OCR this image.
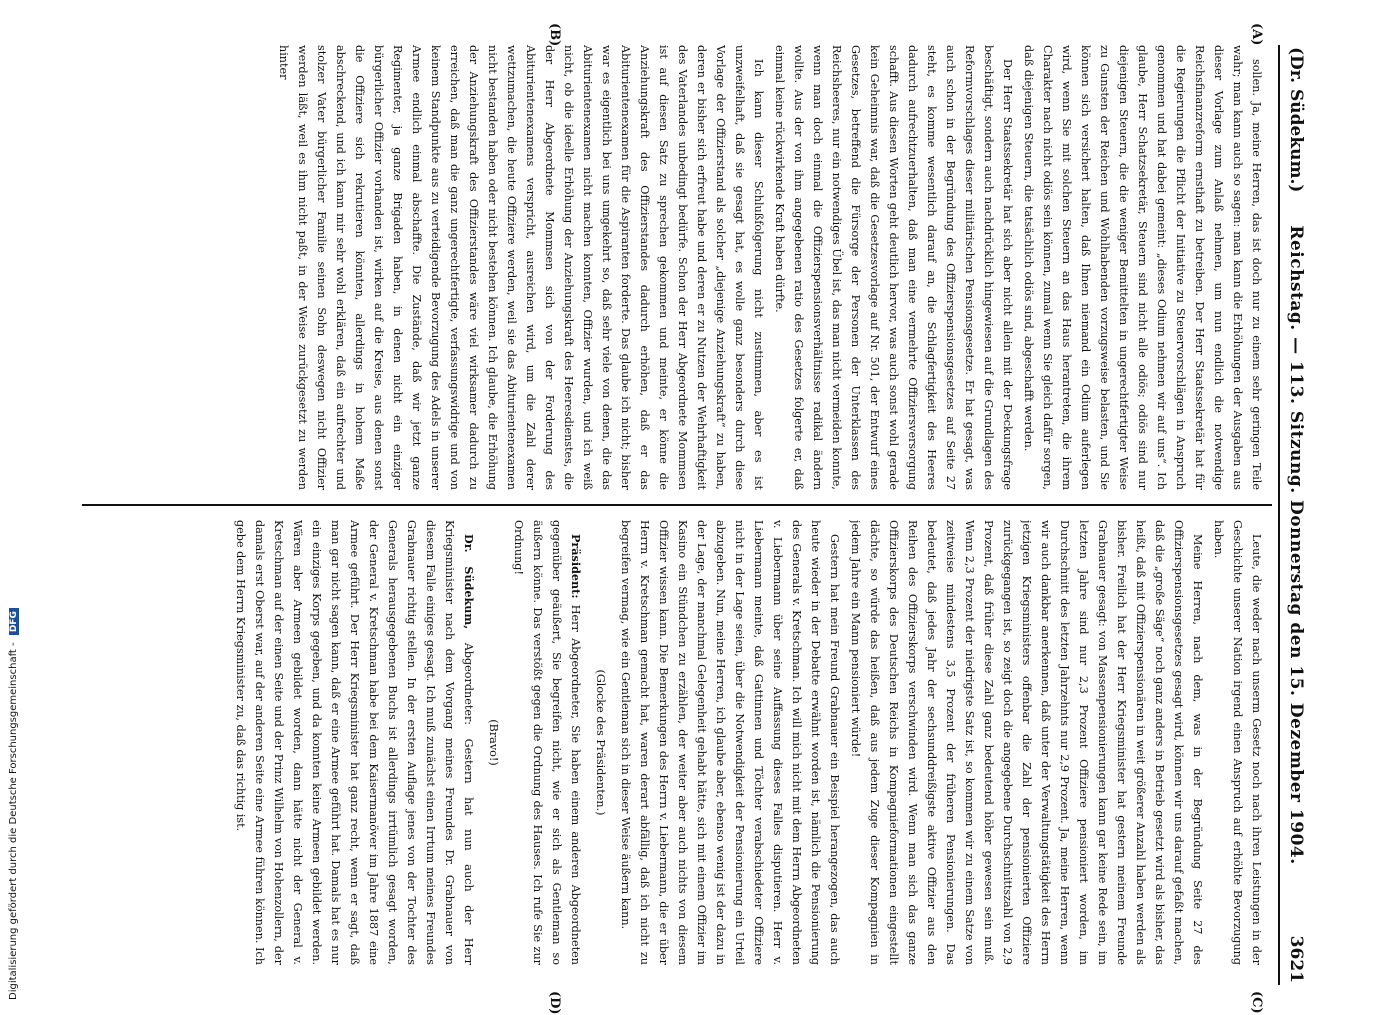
(Dr. Südekum.)
Reichstag. — 113. Sitzung. Donnerstag den 15. Dezember 1904.
3621
(A)
(B)
(C)
(D)

sollen. Ja, meine Herren, das ist doch nur zu einem sehr geringen Teile wahr; man kann auch so sagen: man kann die Erhöhungen der Ausgaben aus dieser Vorlage zum Anlaß nehmen, um nun endlich die notwendige Reichsfinanzreform ernsthaft zu betreiben. Der Herr Staatssekretär hat für die Regierungen die Pflicht der Initiative zu Steuervorschlägen in Anspruch genommen und hat dabei gemeint: „dieses Odium nehmen wir auf uns“. Ich glaube, Herr Schatzsekretär, Steuern sind nicht alle odiös; odiös sind nur diejenigen Steuern, die die weniger Bemittelten in ungerechtfertigter Weise zu Gunsten der Reichen und Wohlhabenden vorzugsweise belasten, und Sie können sich versichert halten, daß Ihnen niemand ein Odium auferlegen wird, wenn Sie mit solchen Steuern an das Haus herantreten, die ihrem Charakter nach nicht odiös sein können, zumal wenn Sie gleich dafür sorgen, daß diejenigen Steuern, die tatsächlich odiös sind, abgeschafft werden.

Der Herr Staatssekretär hat sich aber nicht allein mit der Deckungsfrage beschäftigt, sondern auch nachdrücklich hingewiesen auf die Grundlagen des Reformvorschlages dieser militärischen Pensionsgesetze. Er hat gesagt, was auch schon in der Begründung des Offizierspensionsgesetzes auf Seite 27 steht, es komme wesentlich darauf an, die Schlagfertigkeit des Heeres dadurch aufrechtzuerhalten, daß man eine vermehrte Offiziersversorgung schafft. Aus diesen Worten geht deutlich hervor, was auch sonst wohl gerade kein Geheimnis war, daß die Gesetzesvorlage auf Nr. 501, der Entwurf eines Gesetzes, betreffend die Fürsorge der Personen der Unterklassen des Reichsheeres, nur ein notwendiges Übel ist, das man nicht vermeiden konnte, wenn man doch einmal die Offizierspensionsverhältnisse radikal ändern wollte. Aus der von ihm angegebenen ratio des Gesetzes folgerte er, daß einmal keine rückwirkende Kraft haben dürfte.

Ich kann dieser Schlußfolgerung nicht zustimmen, aber es ist unzweifelhaft, daß sie gesagt hat, es wolle ganz besonders durch diese Vorlage der Offizierstand als solcher „diejenige Anziehungskraft“ zu haben, deren er bisher sich erfreut habe und deren er zu Nutzen der Wehrhaftigkeit des Vaterlandes unbedingt bedürfe. Schon der Herr Abgeordnete Mommsen ist auf diesen Satz zu sprechen gekommen und meinte, er könne die Anziehungskraft des Offizierstandes dadurch erhöhen, daß er das Abiturientenexamen für die Aspiranten forderte. Das glaube ich nicht; bisher war es eigentlich bei uns umgekehrt so, daß sehr viele von denen, die das Abiturientenexamen nicht machen konnten, Offizier wurden, und ich weiß nicht, ob die ideelle Erhöhung der Anziehungskraft des Heeresdienstes, die der Herr Abgeordnete Mommsen sich von der Forderung des Abiturientenexamens verspricht, ausreichen wird, um die Zahl derer wettzumachen, die heute Offiziere werden, weil sie das Abiturientenexamen nicht bestanden haben oder nicht bestehen können. Ich glaube, die Erhöhung der Anziehungskraft des Offizierstandes wäre viel wirksamer dadurch zu erreichen, daß man die ganz ungerechtfertigte, verfassungswidrige und von keinem Standpunkte aus zu verteidigende Bevorzugung des Adels in unserer Armee endlich einmal abschaffte. Die Zustände, daß wir jetzt ganze Regimenter, ja ganze Brigaden haben, in denen nicht ein einziger bürgerlicher Offizier vorhanden ist, wirken auf die Kreise, aus denen sonst die Offiziere sich rekrutieren könnten, allerdings in hohem Maße abschreckend, und ich kann mir sehr wohl erklären, daß ein aufrechter und stolzer Vater bürgerlicher Familie seinen Sohn deswegen nicht Offizier werden läßt, weil es ihm nicht paßt, in der Weise zurückgesetzt zu werden hinter

Leute, die weder nach unserm Gesetz noch nach ihren Leistungen in der Geschichte unserer Nation irgend einen Anspruch auf erhöhte Bevorzugung haben.

Meine Herren, nach dem, was in der Begründung Seite 27 des Offizierspensionsgesetzes gesagt wird, können wir uns darauf gefaßt machen, daß die „große Säge“ noch ganz anders in Betrieb gesetzt wird als bisher, das heißt, daß mit Offizierspensionären in weit größerer Anzahl haben werden als bisher. Freilich hat der Herr Kriegsminister hat gestern meinem Freunde Grabnauer gesagt: von Massenpensionierungen kann gar keine Rede sein, im letzten Jahre sind nur 2,3 Prozent Offiziere pensioniert worden, im Durchschnitt des letzten Jahrzehnts nur 2,9 Prozent. Ja, meine Herren, wenn wir auch dankbar anerkennen, daß unter der Verwaltungstätigkeit des Herrn jetzigen Kriegsministers offenbar die Zahl der pensionierten Offiziere zurückgegangen ist, so zeigt doch die angegebene Durchschnittszahl von 2,9 Prozent, daß früher diese Zahl ganz bedeutend höher gewesen sein muß. Wenn 2,3 Prozent der niedrigste Satz ist, so kommen wir zu einem Satze von zeitweise mindestens 3,5 Prozent der früheren Pensionierungen. Das bedeutet, daß jedes Jahr der sechsunddreißigste aktive Offizier aus den Reihen des Offizierskorps verschwinden wird. Wenn man sich das ganze Offizierskorps des Deutschen Reichs in Kompagnieformationen eingestellt dächte, so würde das heißen, daß aus jedem Zuge dieser Kompagnien in jedem Jahre ein Mann pensioniert würde!

Gestern hat mein Freund Grabnauer ein Beispiel herangezogen, das auch heute wieder in der Debatte erwähnt worden ist, nämlich die Pensionierung des Generals v. Kretschman. Ich will mich nicht mit dem Herrn Abgeordneten v. Liebermann über seine Auffassung dieses Falles disputieren. Herr v. Liebermann meinte, daß Gattinnen und Töchter verabschiedeter Offiziere nicht in der Lage seien, über die Notwendigkeit der Pensionierung ein Urteil abzugeben. Nun, meine Herren, ich glaube aber, ebenso wenig ist der dazu in der Lage, der manchmal Gelegenheit gehabt hätte, sich mit einem Offizier im Kasino ein Stündchen zu erzählen, der weiter aber auch nichts von diesem Offizier wissen kann. Die Bemerkungen des Herrn v. Liebermann, die er über Herrn v. Kretschman gemacht hat, waren derart abfällig, daß ich nicht zu begreifen vermag, wie ein Gentleman sich in dieser Weise äußern kann.

(Glocke des Präsidenten.)

Präsident: Herr Abgeordneter, Sie haben einem anderen Abgeordneten gegenüber geäußert, Sie begreifen nicht, wie er sich als Gentleman so äußern könne. Das verstößt gegen die Ordnung des Hauses. Ich rufe Sie zur Ordnung!

(Bravo!)

Dr. Südekum, Abgeordneter: Gestern hat nun auch der Herr Kriegsminister nach dem Vorgang meines Freundes Dr. Grabnauer von diesem Falle einiges gesagt. Ich muß zunächst einen Irrtum meines Freundes Grabnauer richtig stellen. In der ersten Auflage jenes von der Tochter des Generals herausgegebenen Buchs ist allerdings irrtümlich gesagt worden, der General v. Kretschman habe bei dem Kaisermanöver im Jahre 1887 eine Armee geführt. Der Herr Kriegsminister hat ganz recht, wenn er sagt, daß man gar nicht sagen kann, daß er eine Armee geführt hat. Damals hat es nur ein einziges Korps gegeben, und da konnten keine Armeen gebildet werden. Wären aber Armeen gebildet worden, dann hätte nicht der General v. Kretschman auf der einen Seite und der Prinz Wilhelm von Hohenzollern, der damals erst Oberst war, auf der anderen Seite eine Armee führen können. Ich gebe dem Herrn Kriegsminister zu, daß das richtig ist.

Digitalisierung gefördert durch die Deutsche Forschungsgemeinschaft - DFG
